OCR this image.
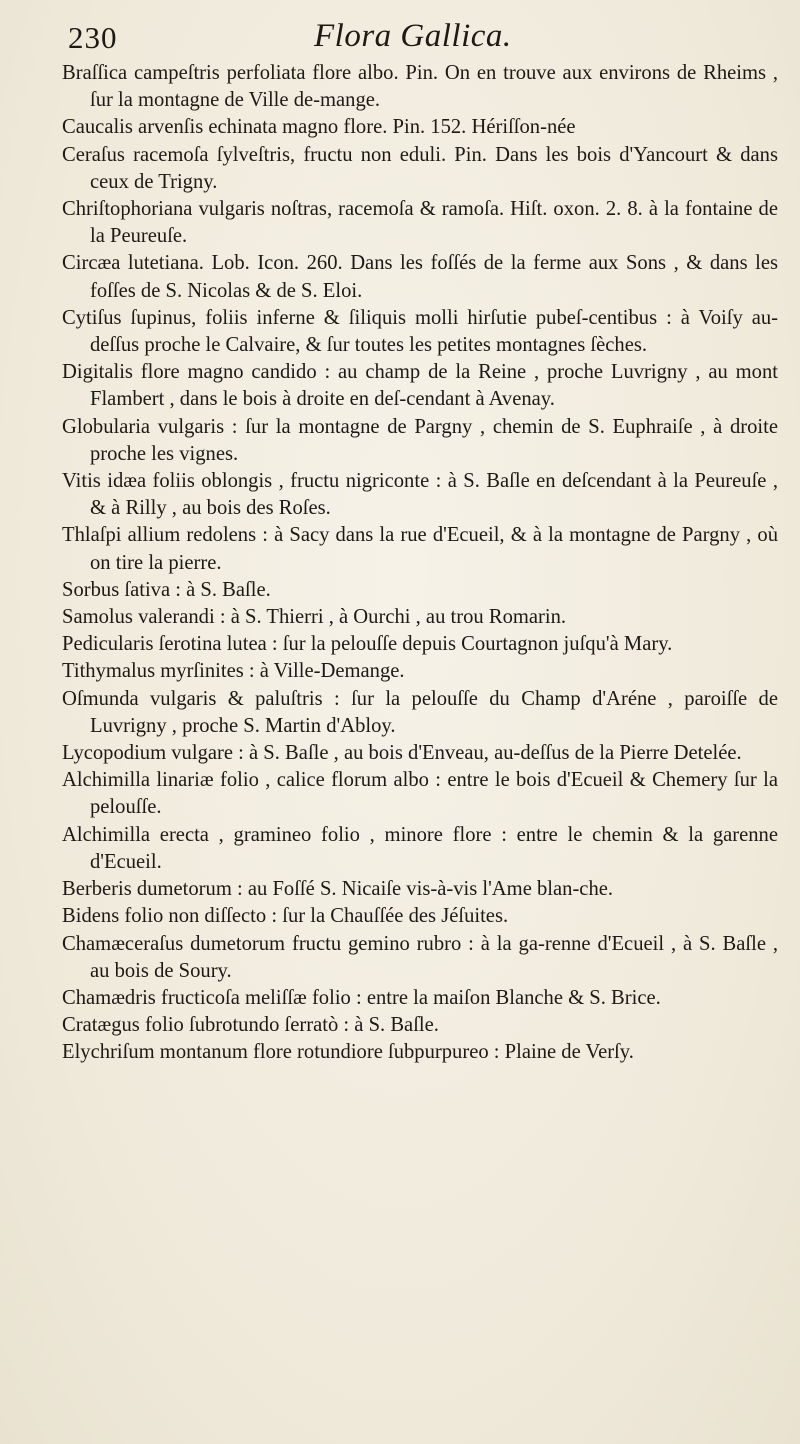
230	Flora Gallica.

Braſſica campeſtris perfoliata flore albo. Pin. On en trouve aux environs de Rheims , ſur la montagne de Ville de-mange.

Caucalis arvenſis echinata magno flore. Pin. 152. Hériſſon-née

Ceraſus racemoſa ſylveſtris, fructu non eduli. Pin. Dans les bois d'Yancourt & dans ceux de Trigny.

Chriſtophoriana vulgaris noſtras, racemoſa & ramoſa. Hiſt. oxon. 2. 8. à la fontaine de la Peureuſe.

Circæa lutetiana. Lob. Icon. 260. Dans les foſſés de la ferme aux Sons , & dans les foſſes de S. Nicolas & de S. Eloi.

Cytiſus ſupinus, foliis inferne & ſiliquis molli hirſutie pubeſ-centibus : à Voiſy au-deſſus proche le Calvaire, & ſur toutes les petites montagnes ſèches.

Digitalis flore magno candido : au champ de la Reine , proche Luvrigny , au mont Flambert , dans le bois à droite en deſ-cendant à Avenay.

Globularia vulgaris : ſur la montagne de Pargny , chemin de S. Euphraiſe , à droite proche les vignes.

Vitis idæa foliis oblongis , fructu nigriconte : à S. Baſle en deſcendant à la Peureuſe , & à Rilly , au bois des Roſes.

Thlaſpi allium redolens : à Sacy dans la rue d'Ecueil, & à la montagne de Pargny , où on tire la pierre.

Sorbus ſativa : à S. Baſle.

Samolus valerandi : à S. Thierri , à Ourchi , au trou Romarin.

Pedicularis ſerotina lutea : ſur la pelouſſe depuis Courtagnon juſqu'à Mary.

Tithymalus myrſinites : à Ville-Demange.

Oſmunda vulgaris & paluſtris : ſur la pelouſſe du Champ d'Aréne , paroiſſe de Luvrigny , proche S. Martin d'Abloy.

Lycopodium vulgare : à S. Baſle , au bois d'Enveau, au-deſſus de la Pierre Detelée.

Alchimilla linariæ folio , calice florum albo : entre le bois d'Ecueil & Chemery ſur la pelouſſe.

Alchimilla erecta , gramineo folio , minore flore : entre le chemin & la garenne d'Ecueil.

Berberis dumetorum : au Foſſé S. Nicaiſe vis-à-vis l'Ame blan-che.

Bidens folio non diſſecto : ſur la Chauſſée des Jéſuites.

Chamæceraſus dumetorum fructu gemino rubro : à la ga-renne d'Ecueil , à S. Baſle , au bois de Soury.

Chamædris fructicoſa meliſſæ folio : entre la maiſon Blanche & S. Brice.

Cratægus folio ſubrotundo ſerratò : à S. Baſle.

Elychriſum montanum flore rotundiore ſubpurpureo : Plaine de Verſy.
